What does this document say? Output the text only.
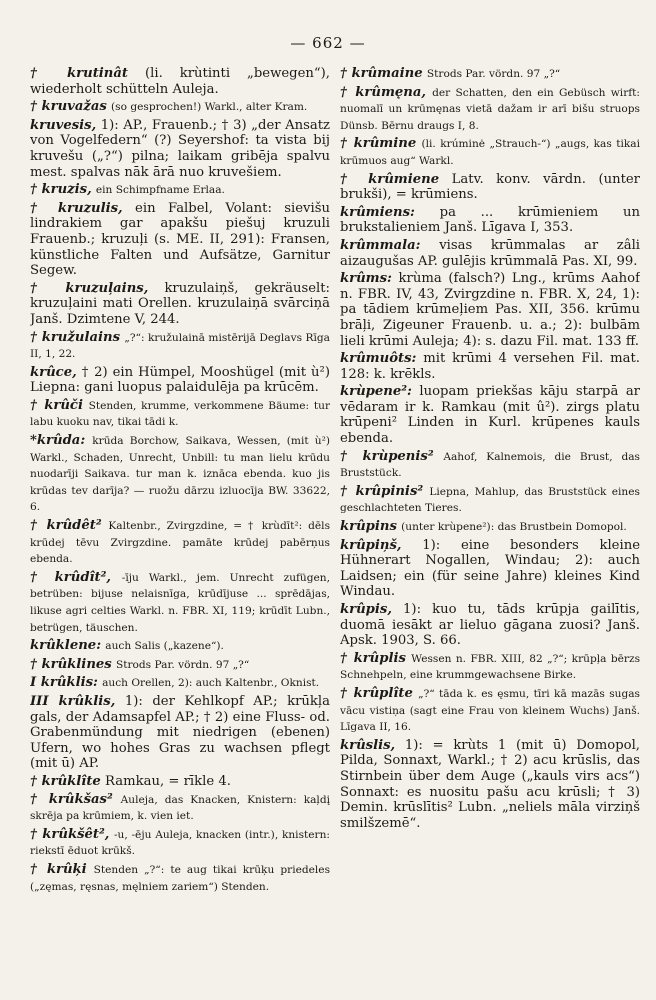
— 662 —

† krutinât (li. krùtinti „bewegen“), wiederholt schütteln Auleja.

† kruvažas (so gesprochen!) Warkl., alter Kram.

kruvesis, 1): AP., Frauenb.; † 3) „der Ansatz von Vogelfedern“ (?) Seyershof: ta vista bij kruvešu („?“) pilna; laikam gribēja spalvu mest. spalvas nāk ārā nuo kruvešiem.

† kruzis, ein Schimpfname Erlaa.

† kruzulis, ein Falbel, Volant: sievišu lindrakiem gar apakšu piešuj kruzuli Frauenb.; kruzuļi (s. ME. II, 291): Fransen, künstliche Falten und Aufsätze, Garnitur Segew.

† kruzuļains, kruzulaiņš, gekräuselt: kruzuļaini mati Orellen. kruzulaiņā svārciņā Janš. Dzimtene V, 244.

† kružulains „?“: kružulainā mistērijā Deglavs Rīga II, 1, 22.

krûce, † 2) ein Hümpel, Mooshügel (mit ù²) Liepna: gani luopus palaidulēja pa krūcēm.

† krûči Stenden, krumme, verkommene Bäume: tur labu kuoku nav, tikai tādi k.

*krûda: krūda Borchow, Saikava, Wessen, (mit ù²) Warkl., Schaden, Unrecht, Unbill: tu man lielu krūdu nuodarīji Saikava. tur man k. iznāca ebenda. kuo jis krūdas tev darīja? — ruožu dārzu izluocīja BW. 33622, 6.

† krûdêt² Kaltenbr., Zvirgzdine, = † krùdīt²: dēls krūdej tēvu Zvirgzdine. pamāte krūdej pabērņus ebenda.

† krûdît², -īju Warkl., jem. Unrecht zufügen, betrüben: bijuse nelaisnīga, krūdījuse ... sprēdājas, likuse agri celties Warkl. n. FBR. XI, 119; krūdīt Lubn., betrügen, täuschen.

krûklene: auch Salis („kazene“).

† krûklines Strods Par. vördn. 97 „?“

I krûklis: auch Orellen, 2): auch Kaltenbr., Oknist.

III krûklis, 1): der Kehlkopf AP.; krūkļa gals, der Adamsapfel AP.; † 2) eine Fluss- od. Grabenmündung mit niedrigen (ebenen) Ufern, wo hohes Gras zu wachsen pflegt (mit ū) AP.

† krûklîte Ramkau, = rīkle 4.

† krûkšas² Auleja, das Knacken, Knistern: kaļdį skrēja pa krūmiem, k. vien iet.

† krûkšêt², -u, -ēju Auleja, knacken (intr.), knistern: riekstī ēduot krūkš.

† krûķi Stenden „?“: te aug tikai krūķu priedeles („zęmas, ręsnas, męlniem zariem“) Stenden.

† krûmaine Strods Par. vördn. 97 „?“

† krûmęna, der Schatten, den ein Gebüsch wirft: nuomalī un krūmęnas vietā dažam ir arī bišu struops Dünsb. Bērnu draugs I, 8.

† krûmine (li. krúminė „Strauch-“) „augs, kas tikai krūmuos aug“ Warkl.

† krûmiene Latv. konv. vārdn. (unter brukši), = krūmiens.

krûmiens: pa ... krūmieniem un brukstalieniem Janš. Līgava I, 353.

krûmmala: visas krūmmalas ar zâli aizaugušas AP. gulējis krūmmalā Pas. XI, 99.

krûms: krùma (falsch?) Lng., krūms Aahof n. FBR. IV, 43, Zvirgzdine n. FBR. X, 24, 1): pa tādiem krūmeļiem Pas. XII, 356. krūmu brāļi, Zigeuner Frauenb. u. a.; 2): bulbām lieli krūmi Auleja; 4): s. dazu Fil. mat. 133 ff.

krûmuôts: mit krūmi 4 versehen Fil. mat. 128: k. krēkls.

krùpene²: luopam priekšas kāju starpā ar vēdaram ir k. Ramkau (mit û²). zirgs platu krūpeni² Linden in Kurl. krūpenes kauls ebenda.

† krùpenis² Aahof, Kalnemois, die Brust, das Bruststück.

† krûpinis² Liepna, Mahlup, das Bruststück eines geschlachteten Tieres.

krûpins (unter krùpene²): das Brustbein Domopol.

krûpiņš, 1): eine besonders kleine Hühnerart Nogallen, Windau; 2): auch Laidsen; ein (für seine Jahre) kleines Kind Windau.

krûpis, 1): kuo tu, tāds krūpja gailītis, duomā iesākt ar lieluo gāgana zuosi? Janš. Apsk. 1903, S. 66.

† krûplis Wessen n. FBR. XIII, 82 „?“; krūpļa bērzs Schnehpeln, eine krummgewachsene Birke.

† krûplîte „?“ tāda k. es ęsmu, tīri kā mazās sugas vācu vistiņa (sagt eine Frau von kleinem Wuchs) Janš. Līgava II, 16.

krûslis, 1): = krùts 1 (mit ū) Domopol, Pilda, Sonnaxt, Warkl.; † 2) acu krūslis, das Stirnbein über dem Auge („kauls virs acs“) Sonnaxt: es nuositu pašu acu krūsli; † 3) Demin. krūslītis² Lubn. „neliels māla virziņš smilšzemē“.
